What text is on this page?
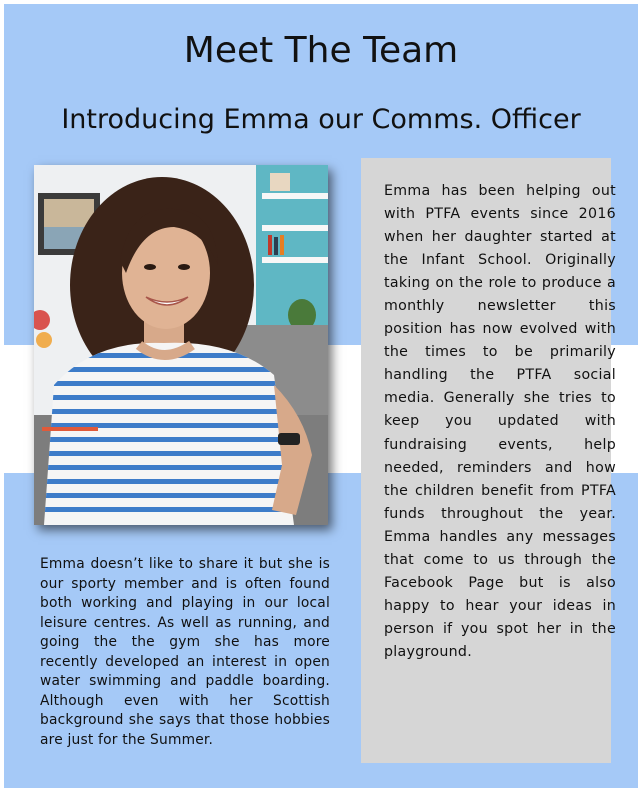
Meet The Team
Introducing Emma our Comms. Officer
Emma has been helping out with PTFA events since 2016 when her daughter started at the Infant School. Originally taking on the role to produce a monthly newsletter this position has now evolved with the times to be primarily handling the PTFA social media. Generally she tries to keep you updated with fundraising events, help needed, reminders and how the children benefit from PTFA funds throughout the year. Emma handles any messages that come to us through the Facebook Page but is also happy to hear your ideas in person if you spot her in the playground.
Emma doesn’t like to share it but she is our sporty member and is often found both working and playing in our local leisure centres. As well as running, and going the the gym she has more recently developed an interest in open water swimming and paddle boarding. Although even with her Scottish background she says that those hobbies are just for the Summer.
